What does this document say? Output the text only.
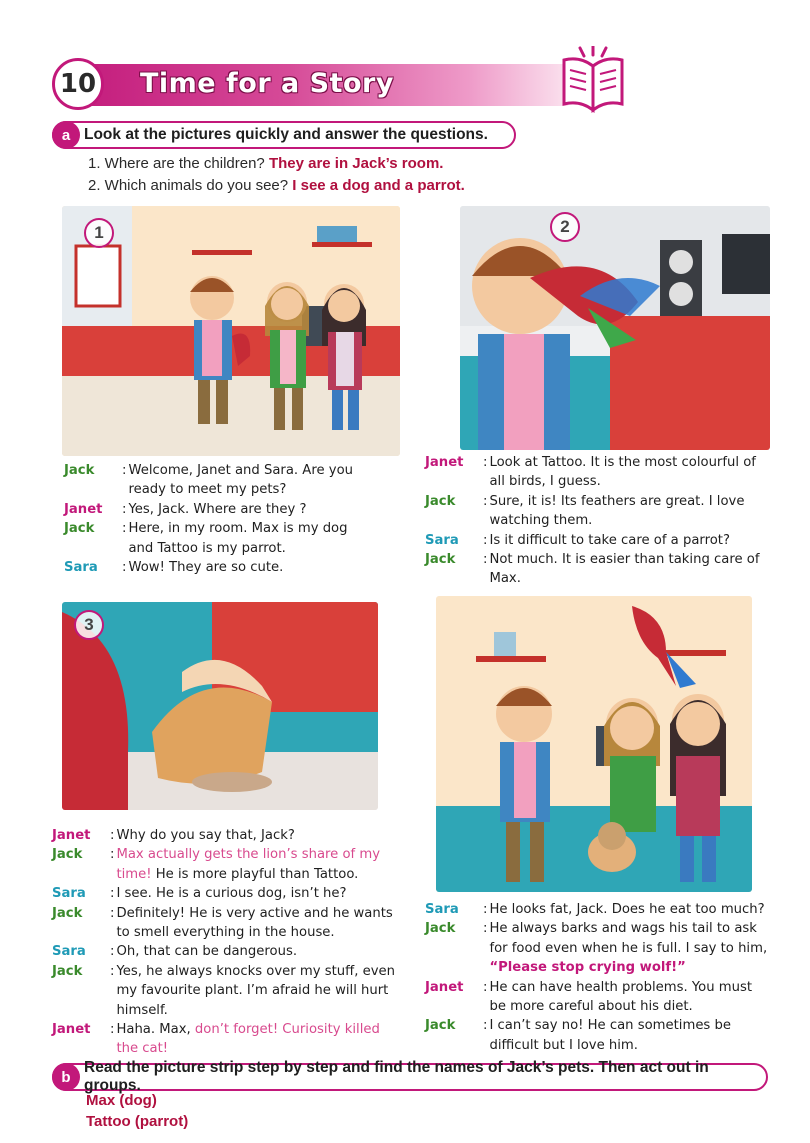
10 Time for a Story
a Look at the pictures quickly and answer the questions.
1. Where are the children? They are in Jack’s room.
2. Which animals do you see? I see a dog and a parrot.
1	2
Jack	: Welcome, Janet and Sara. Are you ready to meet my pets?
Janet	: Yes, Jack. Where are they ?
Jack	: Here, in my room. Max is my dog and Tattoo is my parrot.
Sara	: Wow! They are so cute.
Janet	: Look at Tattoo. It is the most colourful of all birds, I guess.
Jack	: Sure, it is! Its feathers are great. I love watching them.
Sara	: Is it difficult to take care of a parrot?
Jack	: Not much. It is easier than taking care of Max.
3
Janet	: Why do you say that, Jack?
Jack	: Max actually gets the lion’s share of my time! He is more playful than Tattoo.
Sara	: I see. He is a curious dog, isn’t he?
Jack	: Definitely! He is very active and he wants to smell everything in the house.
Sara	: Oh, that can be dangerous.
Jack	: Yes, he always knocks over my stuff, even my favourite plant. I’m afraid he will hurt himself.
Janet	: Haha. Max, don’t forget! Curiosity killed the cat!
Sara	: He looks fat, Jack. Does he eat too much?
Jack	: He always barks and wags his tail to ask for food even when he is full. I say to him, “Please stop crying wolf!”
Janet	: He can have health problems. You must be more careful about his diet.
Jack	: I can’t say no! He can sometimes be difficult but I love him.
b
Read the picture strip step by step and find the names of Jack’s pets. Then act out in groups.
Max (dog)
Tattoo (parrot)
